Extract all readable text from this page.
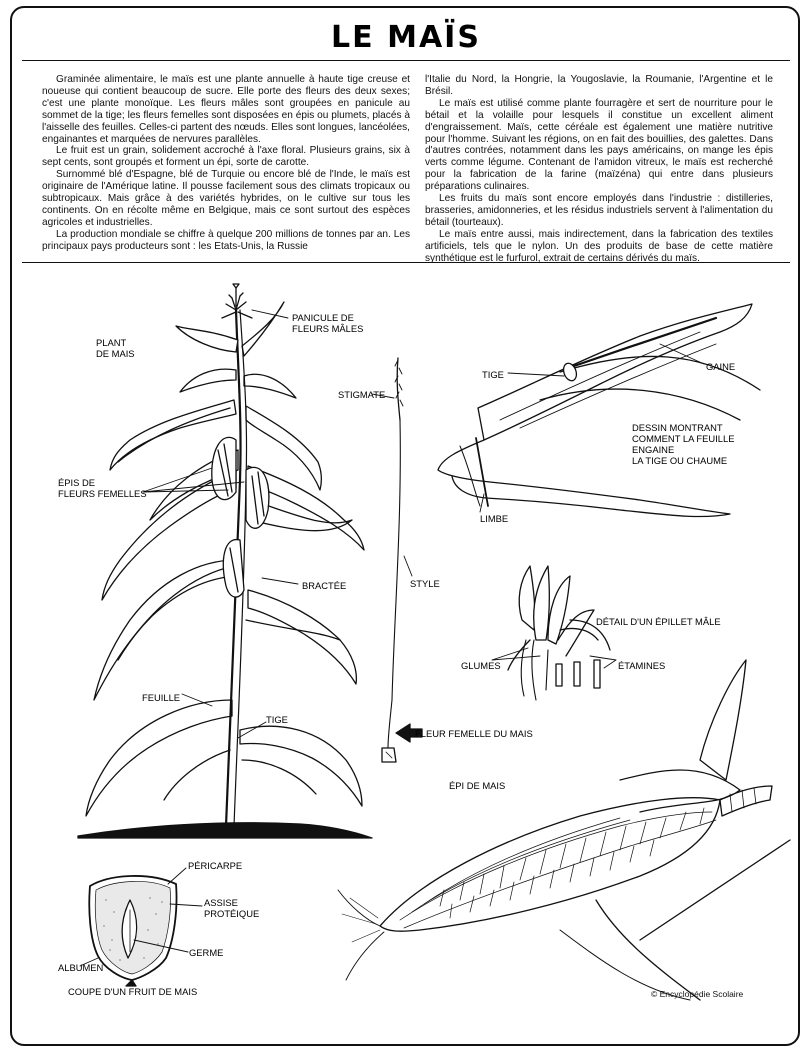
LE MAÏS

Graminée alimentaire, le maïs est une plante annuelle à haute tige creuse et noueuse qui contient beaucoup de sucre. Elle porte des fleurs des deux sexes; c'est une plante monoïque. Les fleurs mâles sont groupées en panicule au sommet de la tige; les fleurs femelles sont disposées en épis ou plumets, placés à l'aisselle des feuilles. Celles-ci partent des nœuds. Elles sont longues, lancéolées, engainantes et marquées de nervures parallèles.

Le fruit est un grain, solidement accroché à l'axe floral. Plusieurs grains, six à sept cents, sont groupés et forment un épi, sorte de carotte.

Surnommé blé d'Espagne, blé de Turquie ou encore blé de l'Inde, le maïs est originaire de l'Amérique latine. Il pousse facilement sous des climats tropicaux ou subtropicaux. Mais grâce à des variétés hybrides, on le cultive sur tous les continents. On en récolte même en Belgique, mais ce sont surtout des espèces agricoles et industrielles.

La production mondiale se chiffre à quelque 200 millions de tonnes par an. Les principaux pays producteurs sont : les Etats-Unis, la Russie

l'Italie du Nord, la Hongrie, la Yougoslavie, la Roumanie, l'Argentine et le Brésil.

Le maïs est utilisé comme plante fourragère et sert de nourriture pour le bétail et la volaille pour lesquels il constitue un excellent aliment d'engraissement. Maïs, cette céréale est également une matière nutritive pour l'homme. Suivant les régions, on en fait des bouillies, des galettes. Dans d'autres contrées, notamment dans les pays américains, on mange les épis verts comme légume. Contenant de l'amidon vitreux, le maïs est recherché pour la fabrication de la farine (maïzéna) qui entre dans plusieurs préparations culinaires.

Les fruits du maïs sont encore employés dans l'industrie : distilleries, brasseries, amidonneries, et les résidus industriels servent à l'alimentation du bétail (tourteaux).

Le maïs entre aussi, mais indirectement, dans la fabrication des textiles artificiels, tels que le nylon. Un des produits de base de cette matière synthétique est le furfurol, extrait de certains dérivés du maïs.

PLANT
DE MAIS
PANICULE DE
FLEURS MÂLES
ÉPIS DE
FLEURS FEMELLES
BRACTÉE
FEUILLE
TIGE
STIGMATE
STYLE
FLEUR FEMELLE DU MAIS
TIGE
GAINE
DESSIN MONTRANT
COMMENT LA FEUILLE
ENGAINE
LA TIGE OU CHAUME
LIMBE
DÉTAIL D'UN ÉPILLET MÂLE
GLUMES	ÉTAMINES
ÉPI DE MAIS
PÉRICARPE
ASSISE
PROTÉIQUE
GERME
ALBUMEN
COUPE D'UN FRUIT DE MAIS	© Encyclopédie Scolaire
